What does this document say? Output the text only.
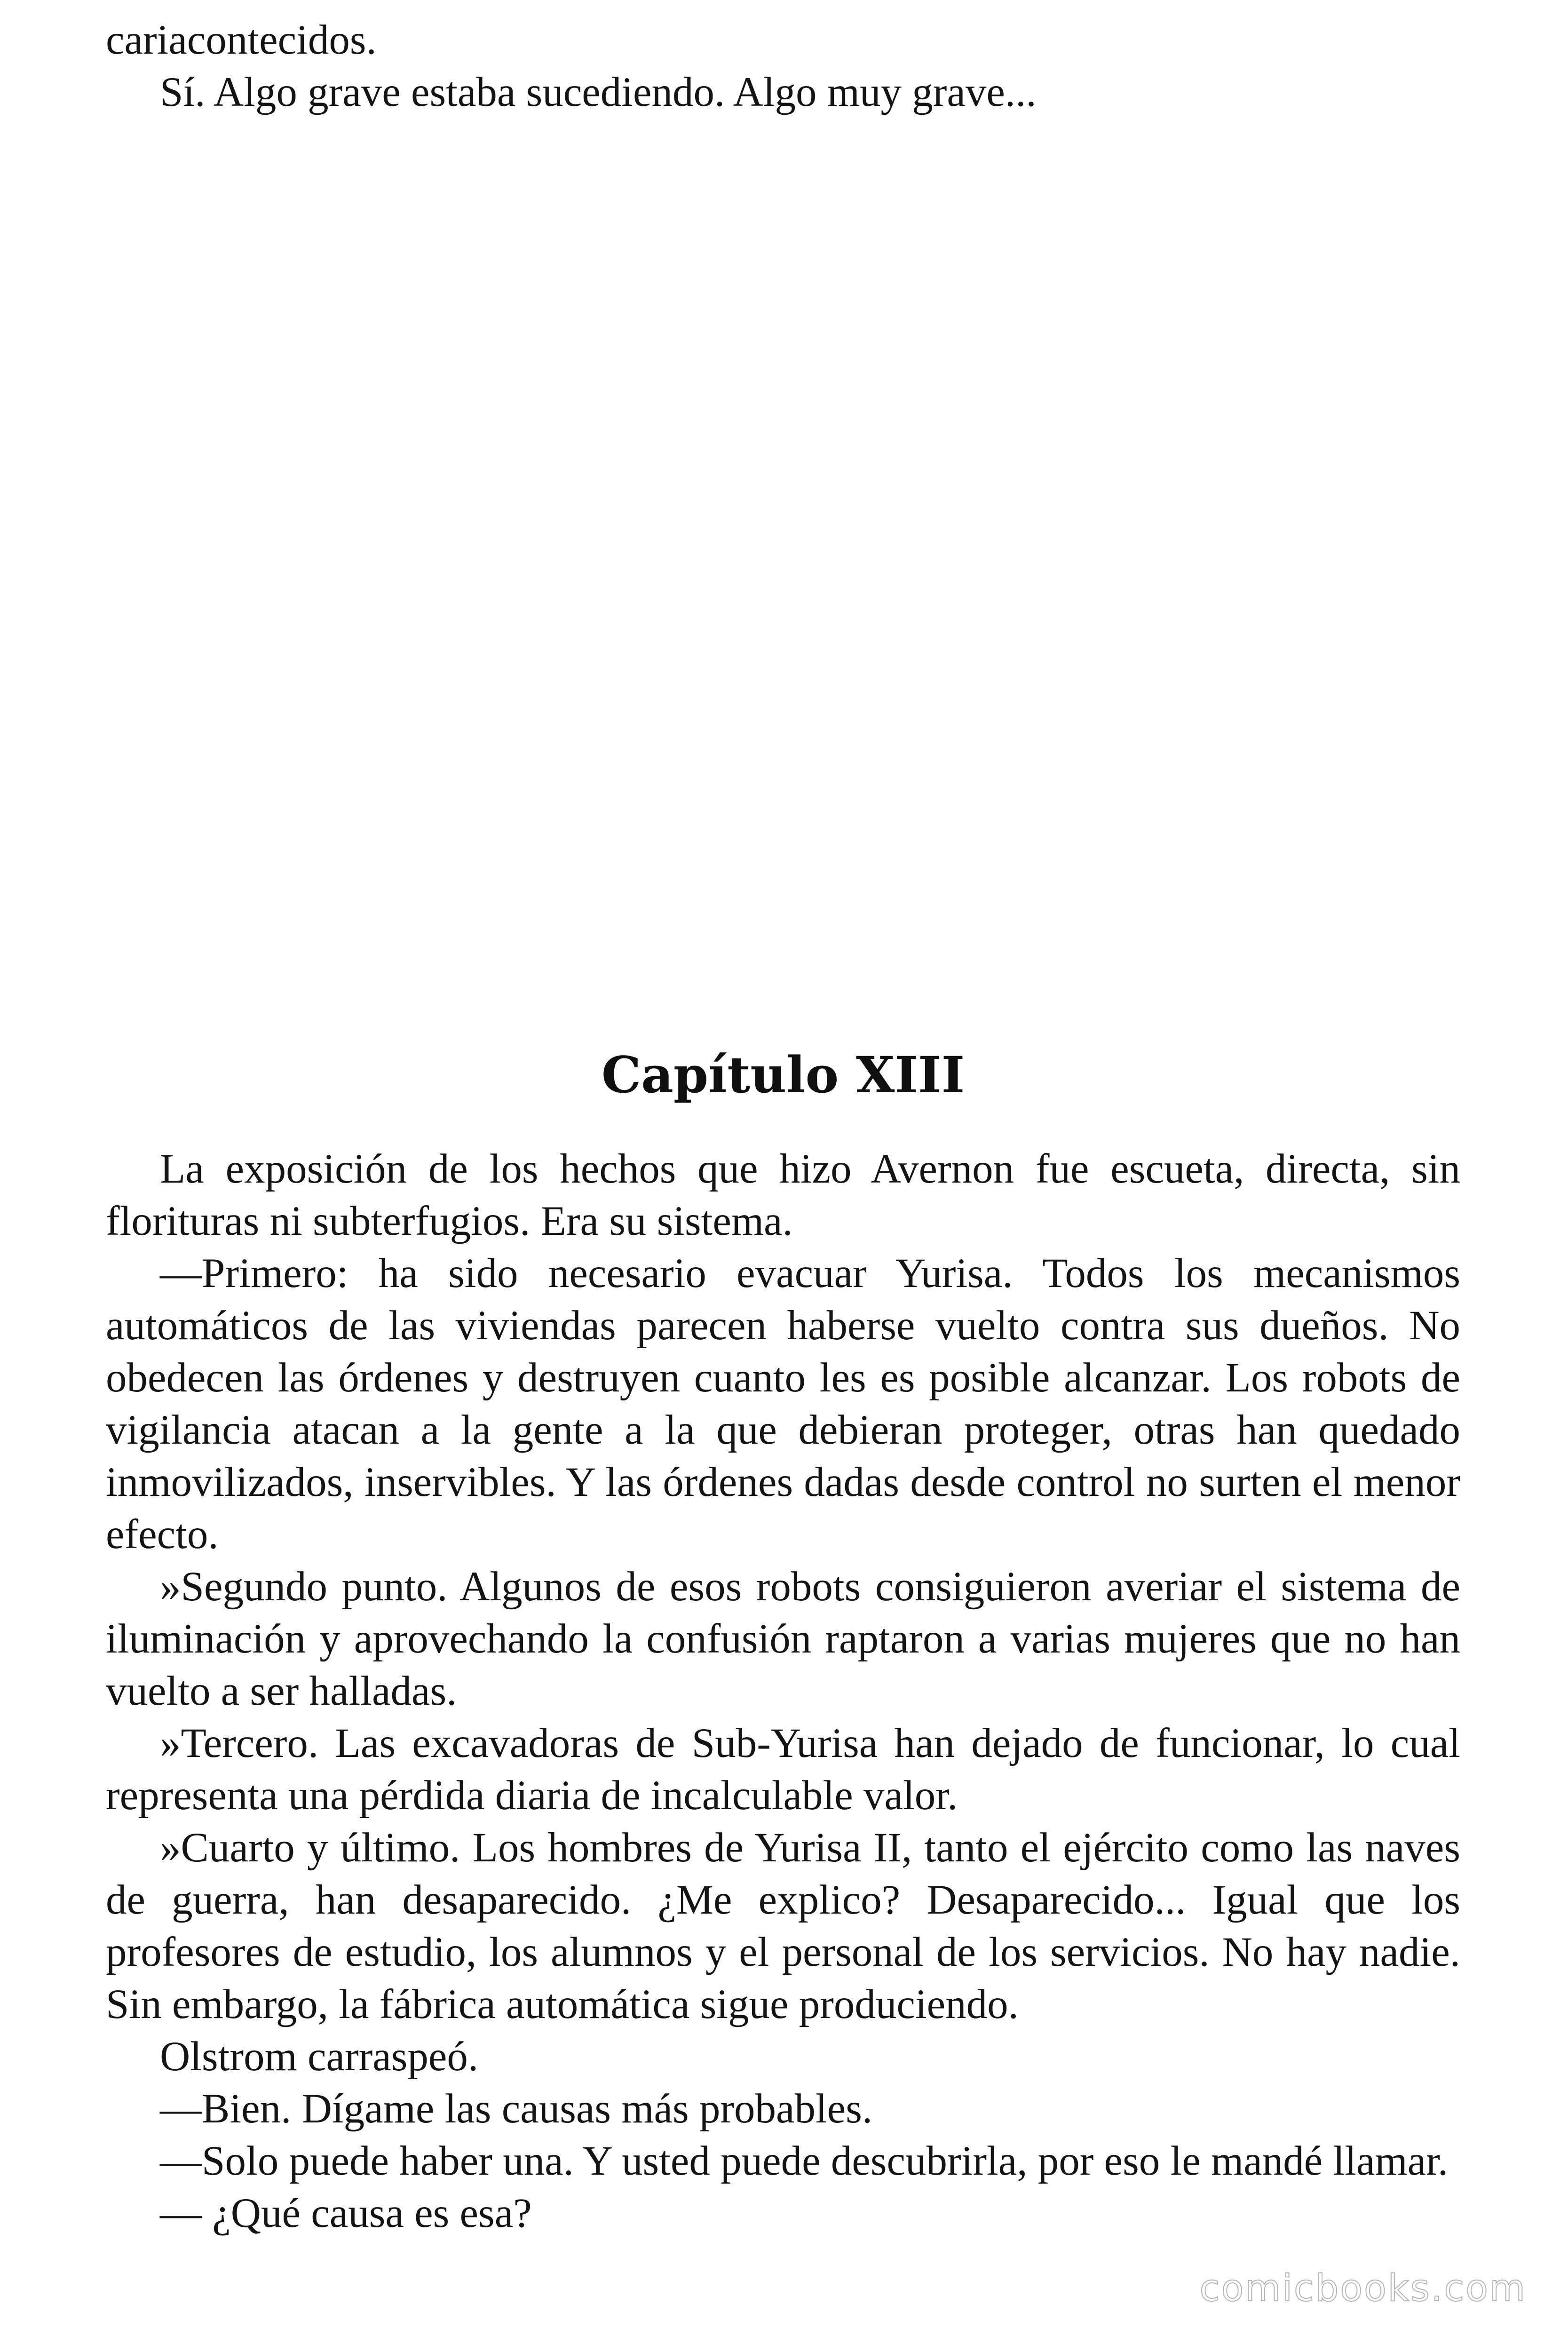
cariacontecidos.

Sí. Algo grave estaba sucediendo. Algo muy grave...

Capítulo XIII

La exposición de los hechos que hizo Avernon fue escueta, directa, sin florituras ni subterfugios. Era su sistema.

—Primero: ha sido necesario evacuar Yurisa. Todos los mecanismos automáticos de las viviendas parecen haberse vuelto contra sus dueños. No obedecen las órdenes y destruyen cuanto les es posible alcanzar. Los robots de vigilancia atacan a la gente a la que debieran proteger, otras han quedado inmovilizados, inservibles. Y las órdenes dadas desde control no surten el menor efecto.

»Segundo punto. Algunos de esos robots consiguieron averiar el sistema de iluminación y aprovechando la confusión raptaron a varias mujeres que no han vuelto a ser halladas.

»Tercero. Las excavadoras de Sub-Yurisa han dejado de funcionar, lo cual representa una pérdida diaria de incalculable valor.

»Cuarto y último. Los hombres de Yurisa II, tanto el ejército como las naves de guerra, han desaparecido. ¿Me explico? Desaparecido... Igual que los profesores de estudio, los alumnos y el personal de los servicios. No hay nadie. Sin embargo, la fábrica automática sigue produciendo.

Olstrom carraspeó.

—Bien. Dígame las causas más probables.

—Solo puede haber una. Y usted puede descubrirla, por eso le mandé llamar.

— ¿Qué causa es esa?

comicbooks.com
